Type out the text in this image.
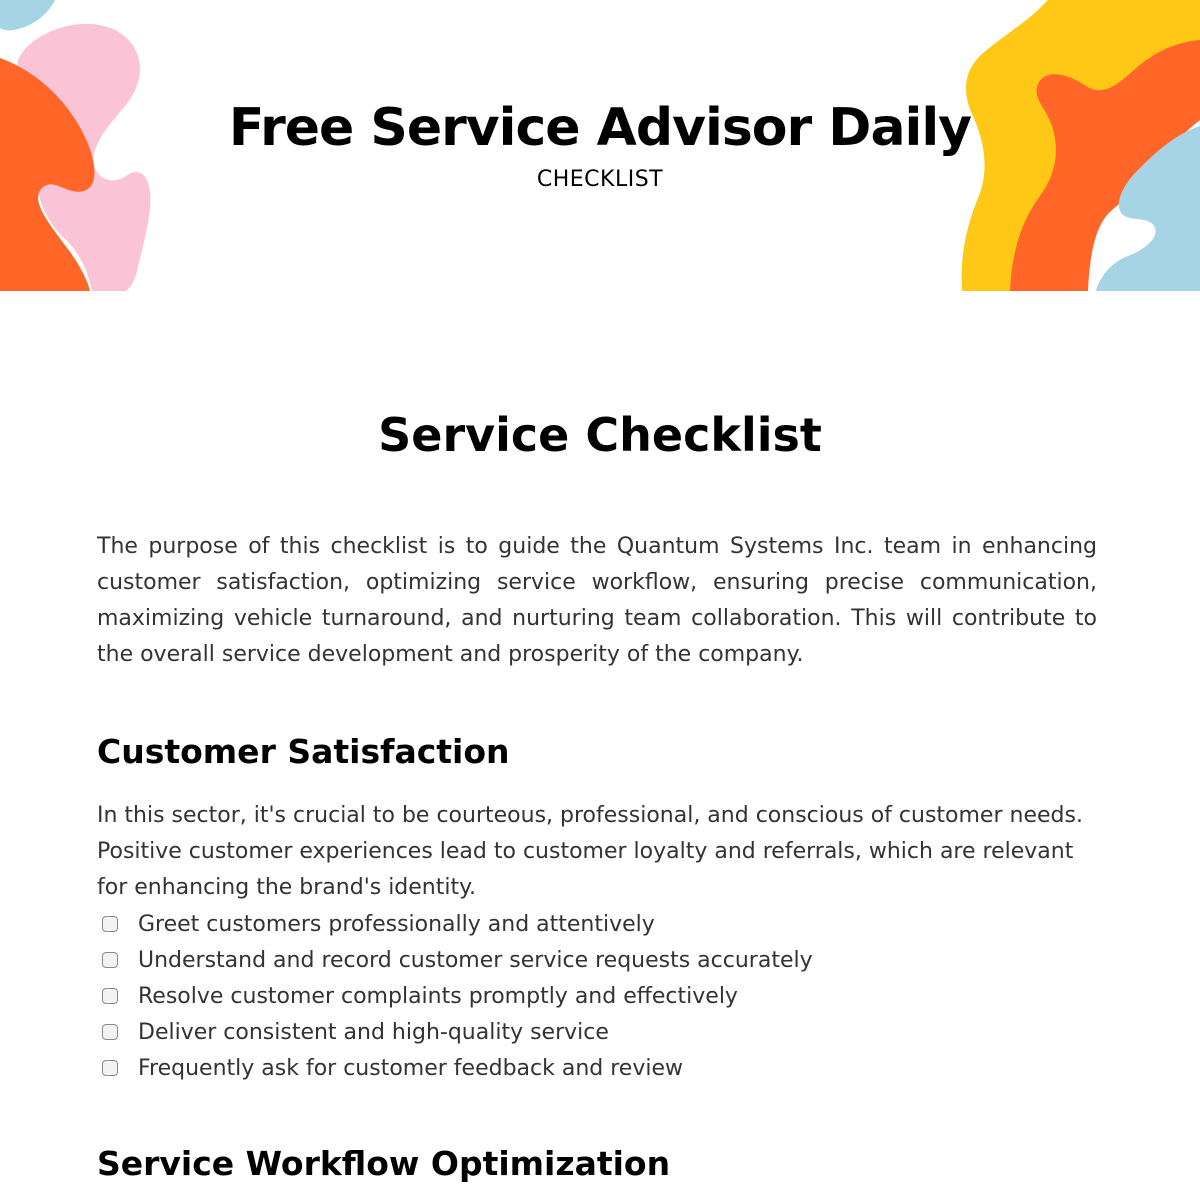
Free Service Advisor Daily

CHECKLIST

Service Checklist

The purpose of this checklist is to guide the Quantum Systems Inc. team in enhancing customer satisfaction, optimizing service workflow, ensuring precise communication, maximizing vehicle turnaround, and nurturing team collaboration. This will contribute to the overall service development and prosperity of the company.

Customer Satisfaction

In this sector, it's crucial to be courteous, professional, and conscious of customer needs. Positive customer experiences lead to customer loyalty and referrals, which are relevant for enhancing the brand's identity.

Greet customers professionally and attentively
Understand and record customer service requests accurately
Resolve customer complaints promptly and effectively
Deliver consistent and high-quality service
Frequently ask for customer feedback and review
Service Workflow Optimization
